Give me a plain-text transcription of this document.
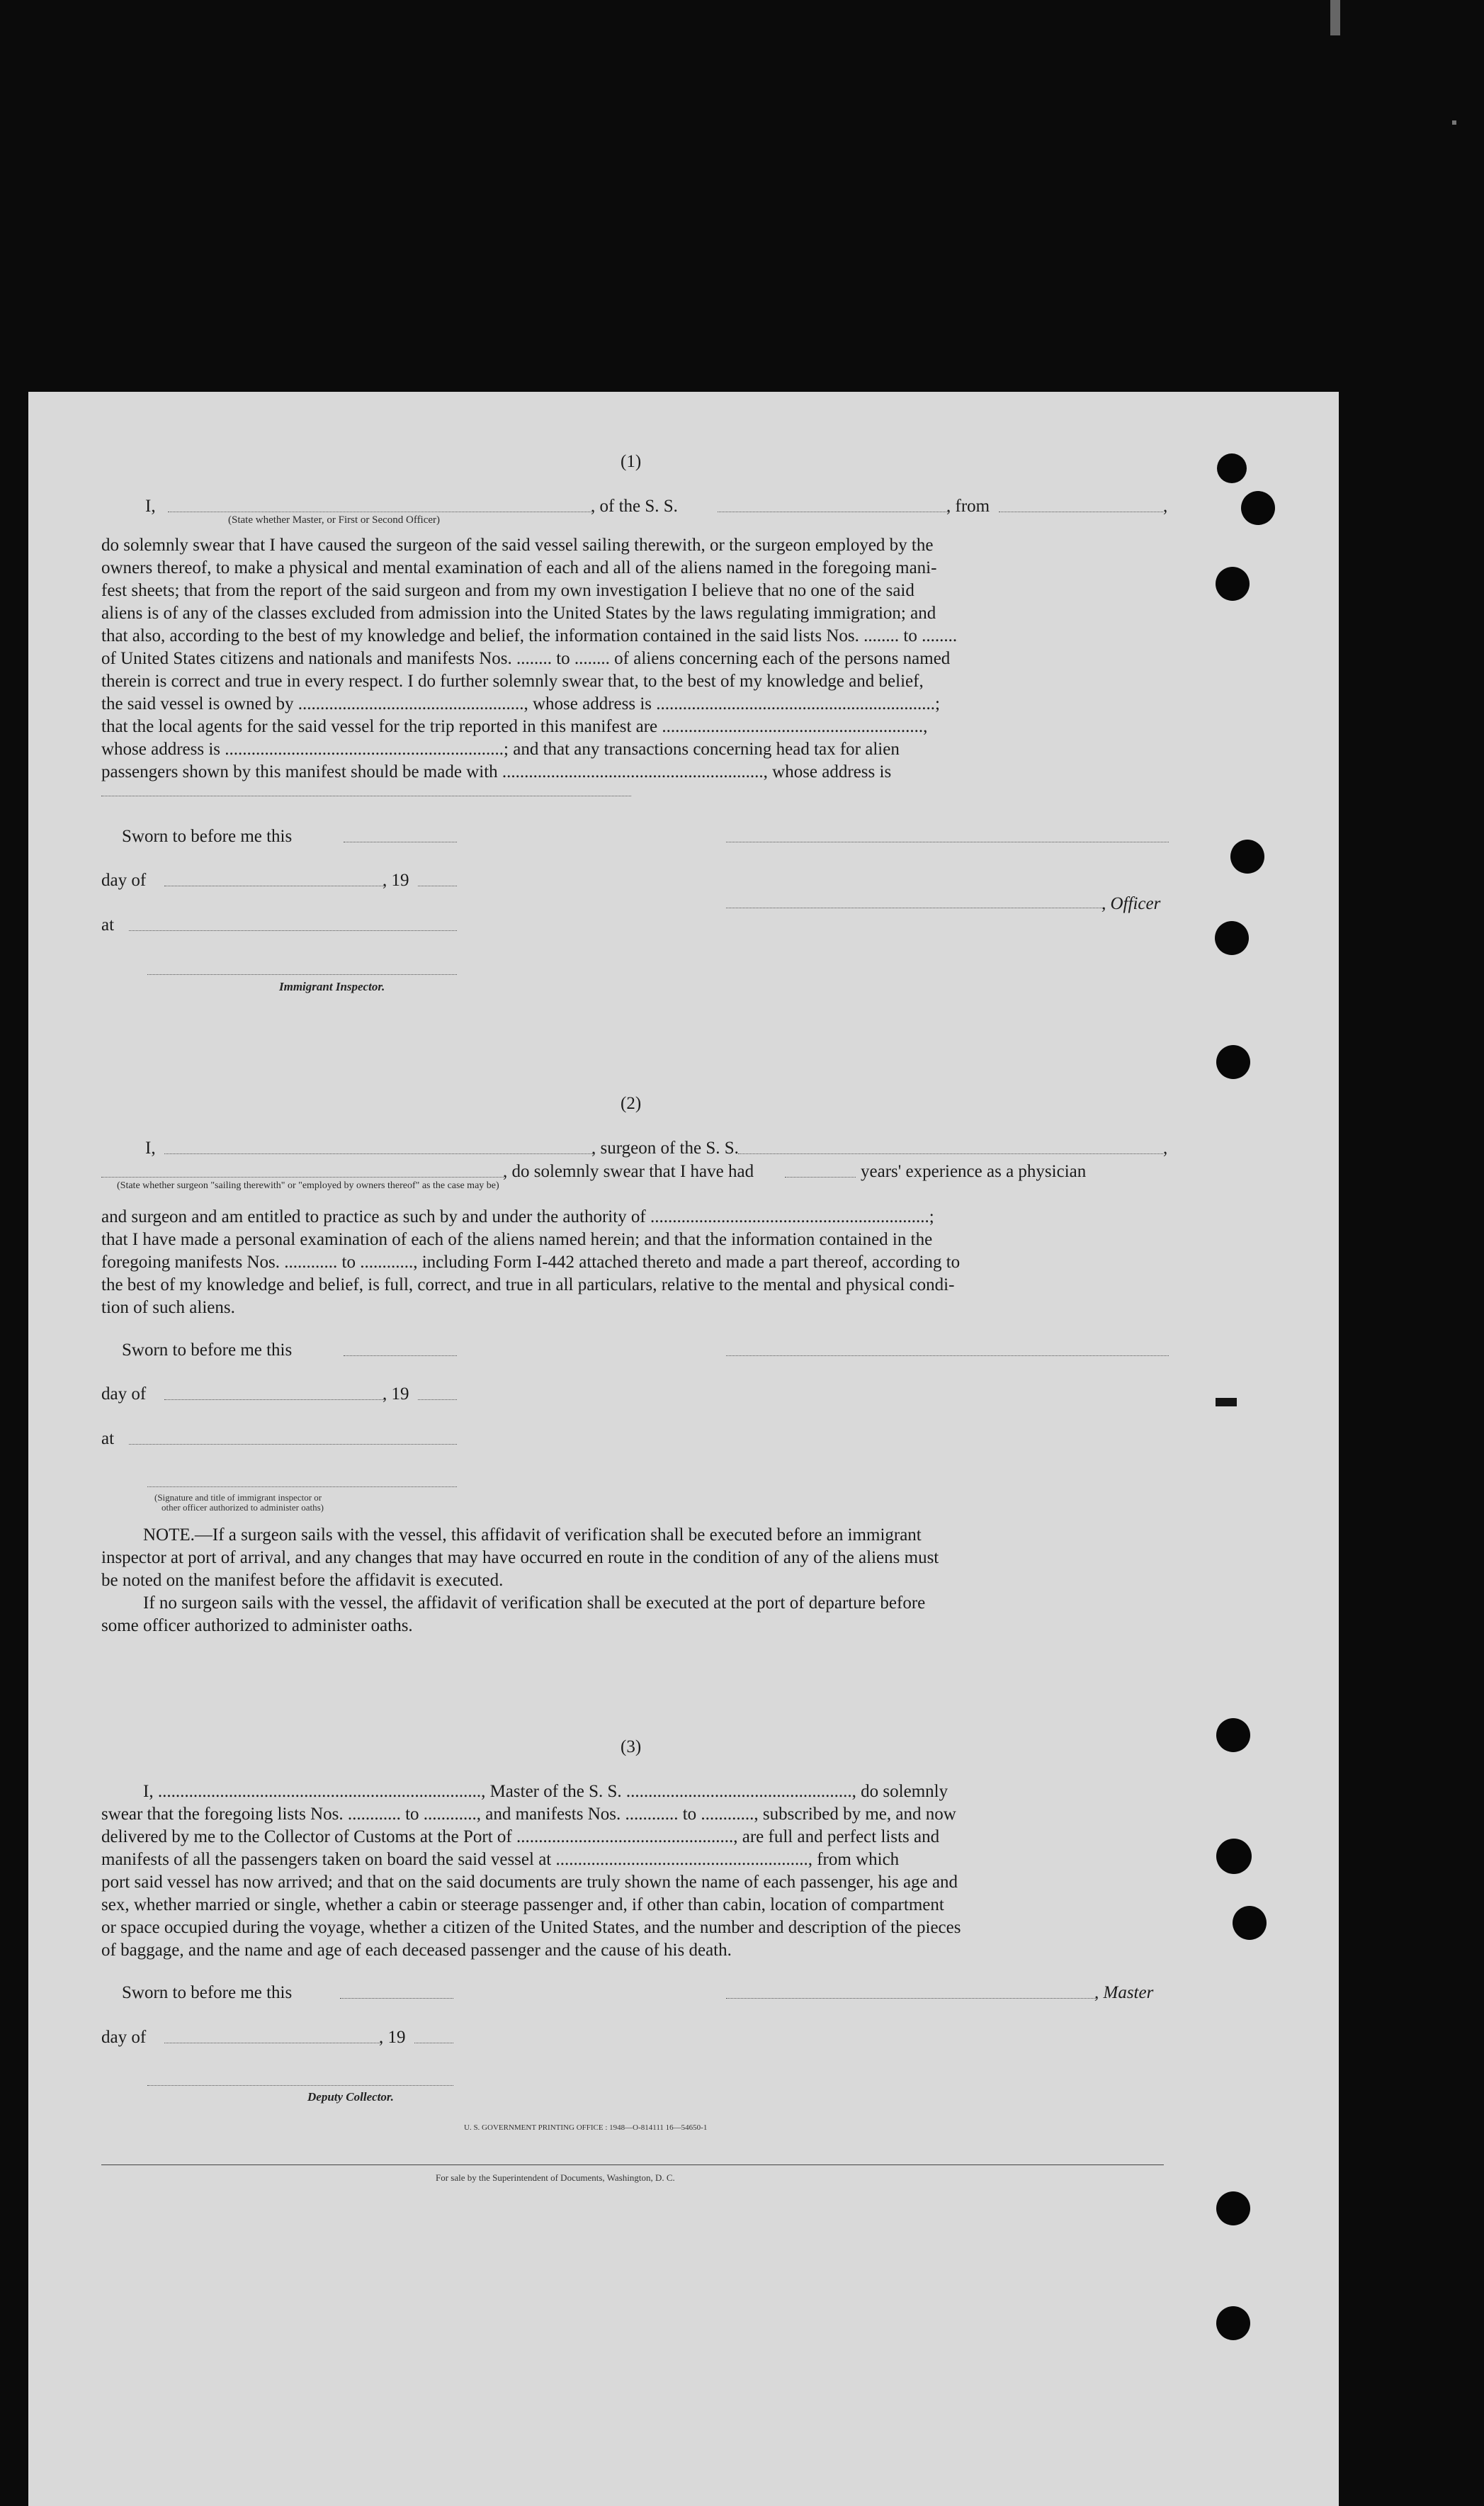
(1)
I,	, of the S. S.	, from	,
(State whether Master, or First or Second Officer)
do solemnly swear that I have caused the surgeon of the said vessel sailing therewith, or the surgeon employed by the
owners thereof, to make a physical and mental examination of each and all of the aliens named in the foregoing mani-
fest sheets; that from the report of the said surgeon and from my own investigation I believe that no one of the said
aliens is of any of the classes excluded from admission into the United States by the laws regulating immigration; and
that also, according to the best of my knowledge and belief, the information contained in the said lists Nos. ........ to ........
of United States citizens and nationals and manifests Nos. ........ to ........ of aliens concerning each of the persons named
therein is correct and true in every respect. I do further solemnly swear that, to the best of my knowledge and belief,
the said vessel is owned by ..................................................., whose address is ...............................................................;
that the local agents for the said vessel for the trip reported in this manifest are ...........................................................,
whose address is ...............................................................; and that any transactions concerning head tax for alien
passengers shown by this manifest should be made with ..........................................................., whose address is
Sworn to before me this
day of	, 19
, Officer
at
Immigrant Inspector.
(2)
I,	, surgeon of the S. S.	,
, do solemnly swear that I have had	years' experience as a physician
(State whether surgeon "sailing therewith" or "employed by owners thereof" as the case may be)
and surgeon and am entitled to practice as such by and under the authority of ...............................................................;
that I have made a personal examination of each of the aliens named herein; and that the information contained in the
foregoing manifests Nos. ............ to ............, including Form I-442 attached thereto and made a part thereof, according to
the best of my knowledge and belief, is full, correct, and true in all particulars, relative to the mental and physical condi-
tion of such aliens.
Sworn to before me this
day of	, 19
at
(Signature and title of immigrant inspector or
other officer authorized to administer oaths)
NOTE.—If a surgeon sails with the vessel, this affidavit of verification shall be executed before an immigrant
inspector at port of arrival, and any changes that may have occurred en route in the condition of any of the aliens must
be noted on the manifest before the affidavit is executed.
If no surgeon sails with the vessel, the affidavit of verification shall be executed at the port of departure before
some officer authorized to administer oaths.
(3)
I, ........................................................................., Master of the S. S. ..................................................., do solemnly
swear that the foregoing lists Nos. ............ to ............, and manifests Nos. ............ to ............, subscribed by me, and now
delivered by me to the Collector of Customs at the Port of ................................................., are full and perfect lists and
manifests of all the passengers taken on board the said vessel at ........................................................., from which
port said vessel has now arrived; and that on the said documents are truly shown the name of each passenger, his age and
sex, whether married or single, whether a cabin or steerage passenger and, if other than cabin, location of compartment
or space occupied during the voyage, whether a citizen of the United States, and the number and description of the pieces
of baggage, and the name and age of each deceased passenger and the cause of his death.
Sworn to before me this	, Master
day of	, 19
Deputy Collector.
U. S. GOVERNMENT PRINTING OFFICE : 1948—O-814111 16—54650-1
For sale by the Superintendent of Documents, Washington, D. C.
